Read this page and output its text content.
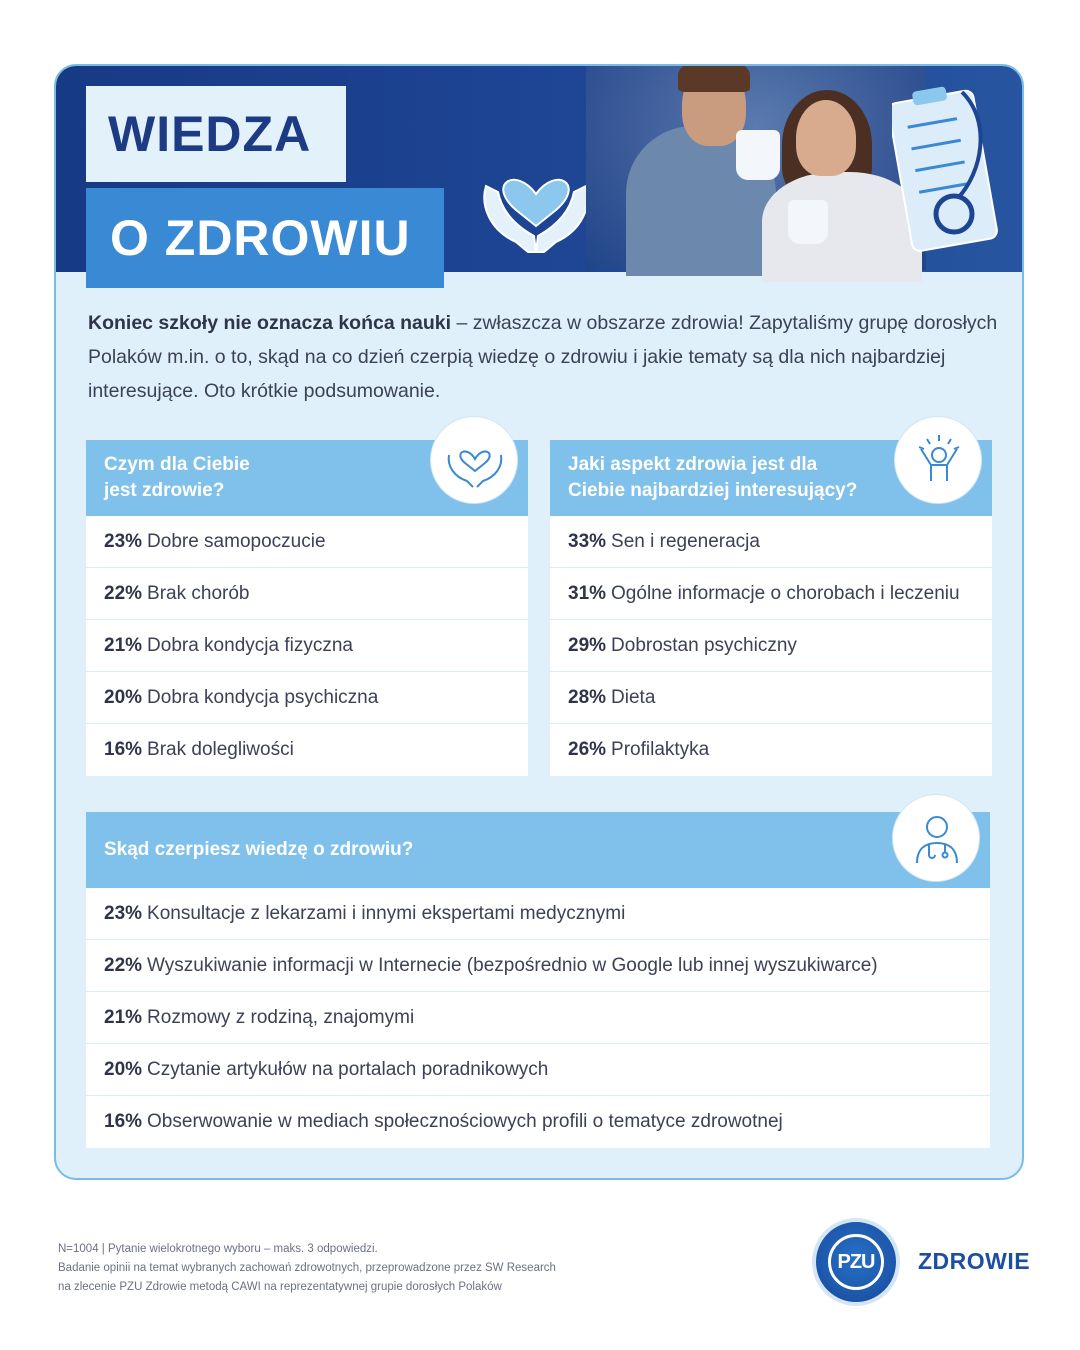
WIEDZA
O ZDROWIU

Koniec szkoły nie oznacza końca nauki – zwłaszcza w obszarze zdrowia! Zapytaliśmy grupę dorosłych Polaków m.in. o to, skąd na co dzień czerpią wiedzę o zdrowiu i jakie tematy są dla nich najbardziej interesujące. Oto krótkie podsumowanie.

Czym dla Ciebie
jest zdrowie?
23% Dobre samopoczucie
22% Brak chorób
21% Dobra kondycja fizyczna
20% Dobra kondycja psychiczna
16% Brak dolegliwości
Jaki aspekt zdrowia jest dla
Ciebie najbardziej interesujący?
33% Sen i regeneracja
31% Ogólne informacje o chorobach i leczeniu
29% Dobrostan psychiczny
28% Dieta
26% Profilaktyka
Skąd czerpiesz wiedzę o zdrowiu?
23% Konsultacje z lekarzami i innymi ekspertami medycznymi
22% Wyszukiwanie informacji w Internecie (bezpośrednio w Google lub innej wyszukiwarce)
21% Rozmowy z rodziną, znajomymi
20% Czytanie artykułów na portalach poradnikowych
16% Obserwowanie w mediach społecznościowych profili o tematyce zdrowotnej
N=1004 | Pytanie wielokrotnego wyboru – maks. 3 odpowiedzi.
Badanie opinii na temat wybranych zachowań zdrowotnych, przeprowadzone przez SW Research
na zlecenie PZU Zdrowie metodą CAWI na reprezentatywnej grupie dorosłych Polaków
PZU	ZDROWIE
